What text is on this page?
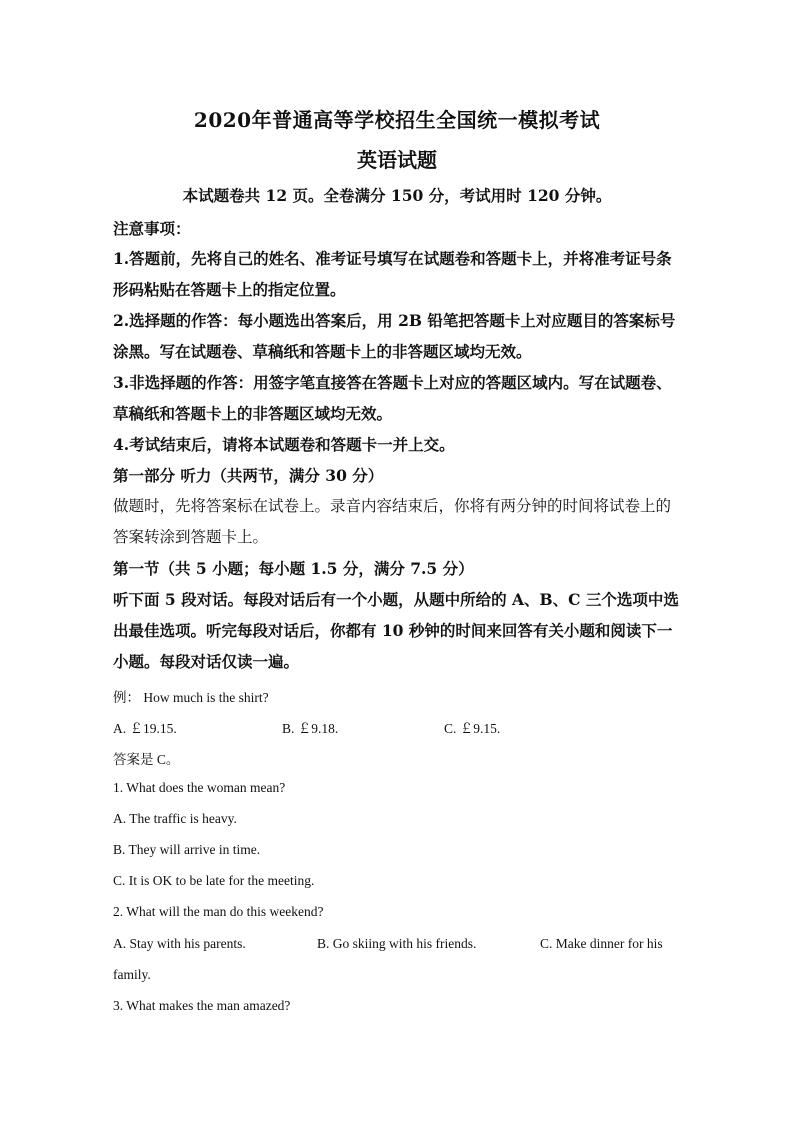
2020年普通高等学校招生全国统一模拟考试
英语试题
本试题卷共 12 页。全卷满分 150 分，考试用时 120 分钟。
注意事项：
1.答题前，先将自己的姓名、准考证号填写在试题卷和答题卡上，并将准考证号条形码粘贴在答题卡上的指定位置。
2.选择题的作答：每小题选出答案后，用 2B 铅笔把答题卡上对应题目的答案标号涂黑。写在试题卷、草稿纸和答题卡上的非答题区域均无效。
3.非选择题的作答：用签字笔直接答在答题卡上对应的答题区域内。写在试题卷、草稿纸和答题卡上的非答题区域均无效。
4.考试结束后，请将本试题卷和答题卡一并上交。
第一部分 听力（共两节，满分 30 分）
做题时，先将答案标在试卷上。录音内容结束后，你将有两分钟的时间将试卷上的答案转涂到答题卡上。
第一节（共 5 小题；每小题 1.5 分，满分 7.5 分）
听下面 5 段对话。每段对话后有一个小题，从题中所给的 A、B、C 三个选项中选出最佳选项。听完每段对话后，你都有 10 秒钟的时间来回答有关小题和阅读下一小题。每段对话仅读一遍。
例： How much is the shirt?
A. ￡19.15.	B. ￡9.18.	C. ￡9.15.
答案是 C。
1. What does the woman mean?
A. The traffic is heavy.
B. They will arrive in time.
C. It is OK to be late for the meeting.
2. What will the man do this weekend?
A. Stay with his parents.	B. Go skiing with his friends.	C. Make dinner for his
family.
3. What makes the man amazed?
